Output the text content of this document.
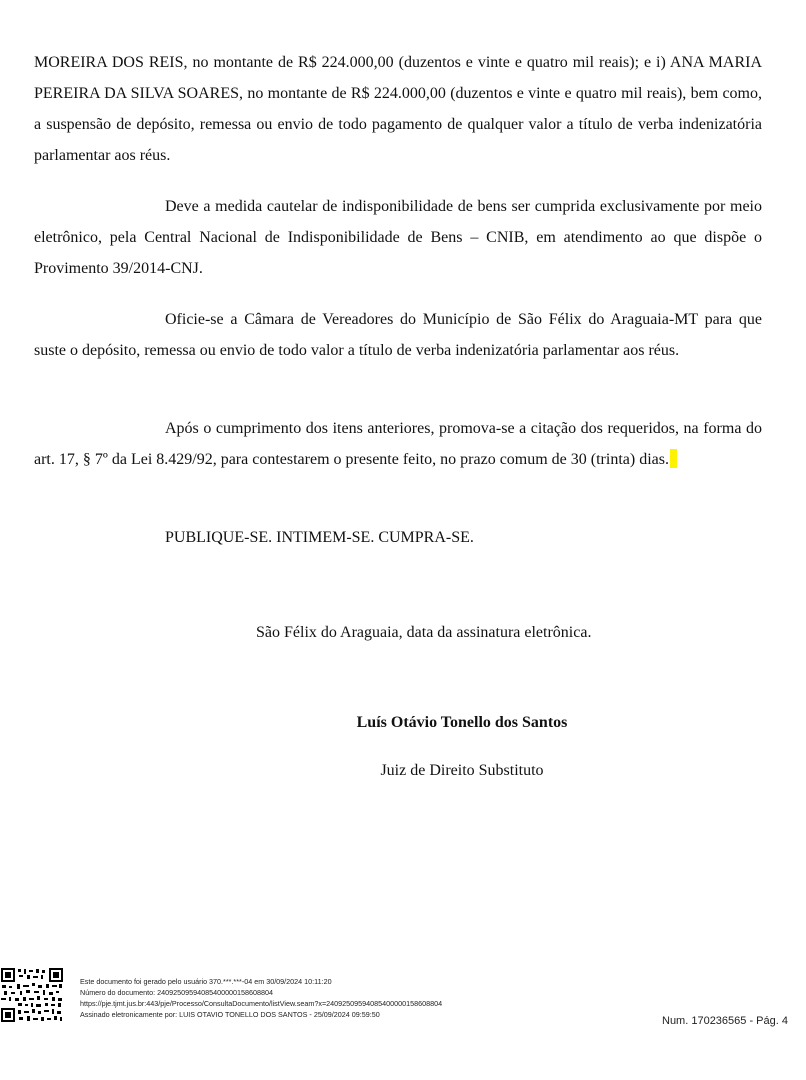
MOREIRA DOS REIS, no montante de R$ 224.000,00 (duzentos e vinte e quatro mil reais); e i) ANA MARIA PEREIRA DA SILVA SOARES, no montante de R$ 224.000,00 (duzentos e vinte e quatro mil reais), bem como, a suspensão de depósito, remessa ou envio de todo pagamento de qualquer valor a título de verba indenizatória parlamentar aos réus.
Deve a medida cautelar de indisponibilidade de bens ser cumprida exclusivamente por meio eletrônico, pela Central Nacional de Indisponibilidade de Bens – CNIB, em atendimento ao que dispõe o Provimento 39/2014-CNJ.
Oficie-se a Câmara de Vereadores do Município de São Félix do Araguaia-MT para que suste o depósito, remessa ou envio de todo valor a título de verba indenizatória parlamentar aos réus.
Após o cumprimento dos itens anteriores, promova-se a citação dos requeridos, na forma do art. 17, § 7º da Lei 8.429/92, para contestarem o presente feito, no prazo comum de 30 (trinta) dias.
PUBLIQUE-SE. INTIMEM-SE. CUMPRA-SE.
São Félix do Araguaia, data da assinatura eletrônica.
Luís Otávio Tonello dos Santos
Juiz de Direito Substituto
Este documento foi gerado pelo usuário 370.***.***-04 em 30/09/2024 10:11:20
Número do documento: 24092509594085400000158608804
https://pje.tjmt.jus.br:443/pje/Processo/ConsultaDocumento/listView.seam?x=24092509594085400000158608804
Assinado eletronicamente por: LUIS OTAVIO TONELLO DOS SANTOS - 25/09/2024 09:59:50
Num. 170236565 - Pág. 4
